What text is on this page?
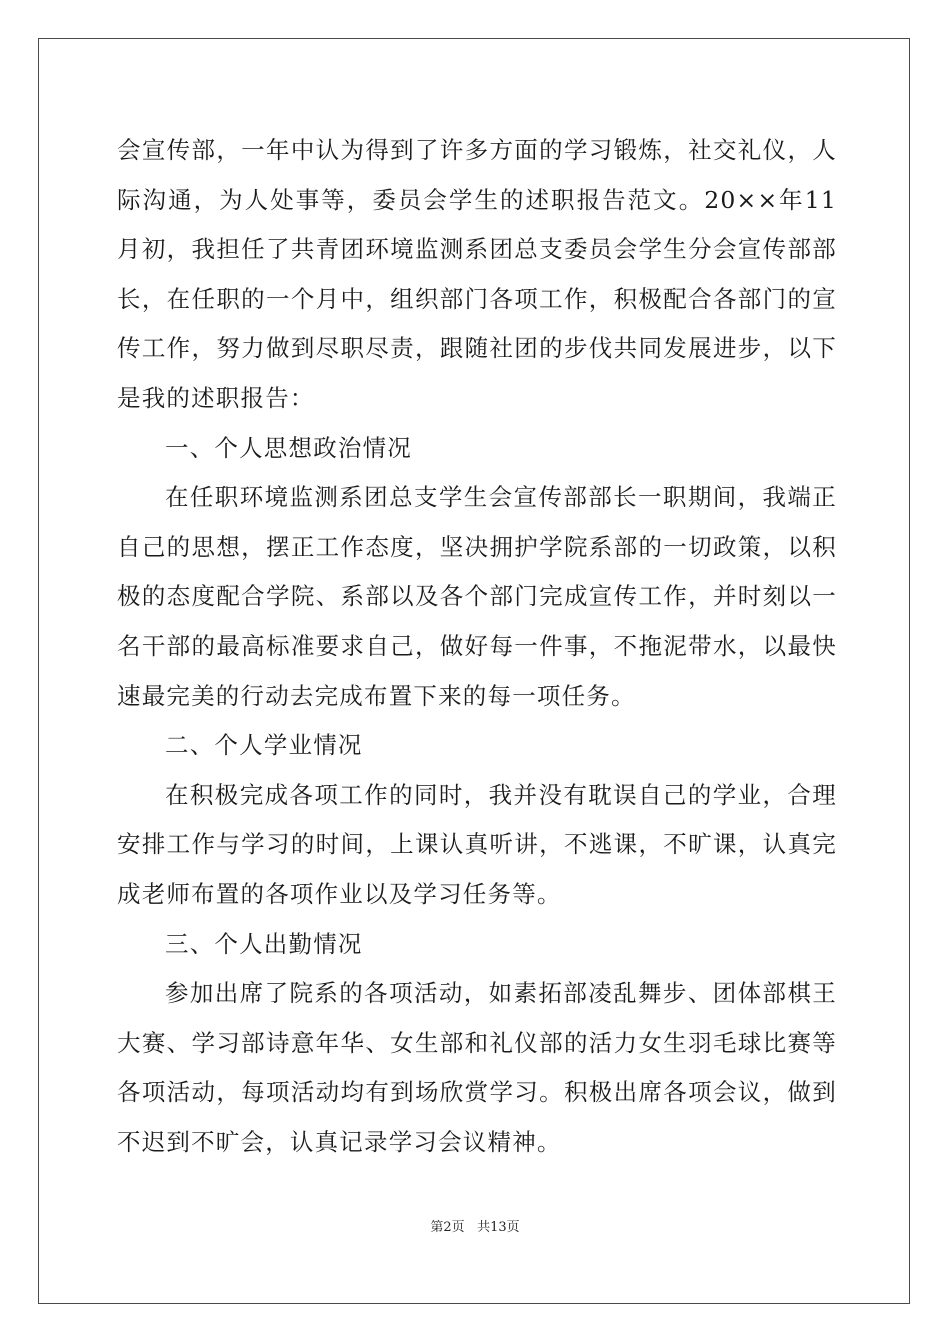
会宣传部，一年中认为得到了许多方面的学习锻炼，社交礼仪，人际沟通，为人处事等，委员会学生的述职报告范文。20××年11月初，我担任了共青团环境监测系团总支委员会学生分会宣传部部长，在任职的一个月中，组织部门各项工作，积极配合各部门的宣传工作，努力做到尽职尽责，跟随社团的步伐共同发展进步，以下是我的述职报告：

一、个人思想政治情况

在任职环境监测系团总支学生会宣传部部长一职期间，我端正自己的思想，摆正工作态度，坚决拥护学院系部的一切政策，以积极的态度配合学院、系部以及各个部门完成宣传工作，并时刻以一名干部的最高标准要求自己，做好每一件事，不拖泥带水，以最快速最完美的行动去完成布置下来的每一项任务。

二、个人学业情况

在积极完成各项工作的同时，我并没有耽误自己的学业，合理安排工作与学习的时间，上课认真听讲，不逃课，不旷课，认真完成老师布置的各项作业以及学习任务等。

三、个人出勤情况

参加出席了院系的各项活动，如素拓部凌乱舞步、团体部棋王大赛、学习部诗意年华、女生部和礼仪部的活力女生羽毛球比赛等各项活动，每项活动均有到场欣赏学习。积极出席各项会议，做到不迟到不旷会，认真记录学习会议精神。

第2页 共13页
